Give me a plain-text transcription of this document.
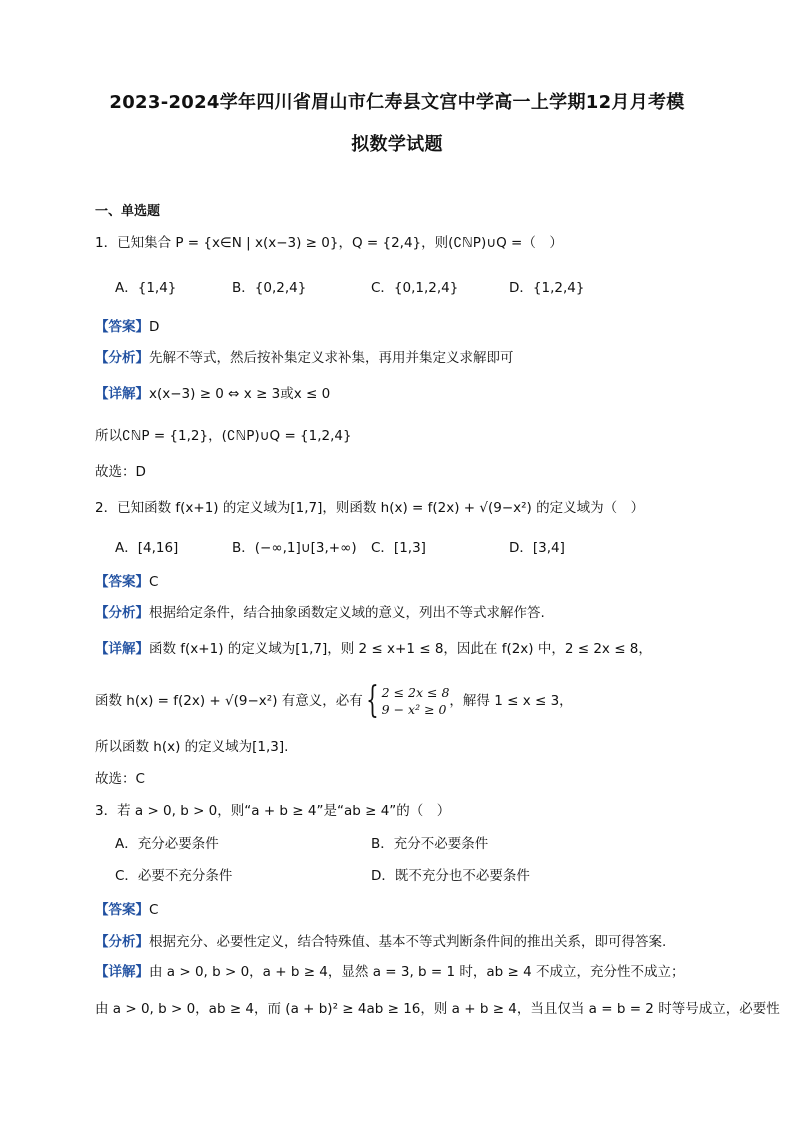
2023-2024学年四川省眉山市仁寿县文宫中学高一上学期12月月考模
拟数学试题
一、单选题
1．已知集合 P = {x∈N | x(x−3) ≥ 0}，Q = {2,4}，则(∁ℕP)∪Q =（　）
A．{1,4}	B．{0,2,4}	C．{0,1,2,4}	D．{1,2,4}
【答案】D
【分析】先解不等式，然后按补集定义求补集，再用并集定义求解即可
【详解】x(x−3) ≥ 0 ⇔ x ≥ 3或x ≤ 0
所以∁ℕP = {1,2}，(∁ℕP)∪Q = {1,2,4}
故选：D
2．已知函数 f(x+1) 的定义域为[1,7]，则函数 h(x) = f(2x) + √(9−x²) 的定义域为（　）
A．[4,16]	B．(−∞,1]∪[3,+∞) C．[1,3]	D．[3,4]
【答案】C
【分析】根据给定条件，结合抽象函数定义域的意义，列出不等式求解作答.
【详解】函数 f(x+1) 的定义域为[1,7]，则 2 ≤ x+1 ≤ 8，因此在 f(2x) 中，2 ≤ 2x ≤ 8，
函数 h(x) = f(2x) + √(9−x²) 有意义，必有{ 2 ≤ 2x ≤ 8
9 − x² ≥ 0
，解得 1 ≤ x ≤ 3，
所以函数 h(x) 的定义域为[1,3].
故选：C
3．若 a > 0, b > 0，则“a + b ≥ 4”是“ab ≥ 4”的（　）
A．充分必要条件	B．充分不必要条件
C．必要不充分条件	D．既不充分也不必要条件
【答案】C
【分析】根据充分、必要性定义，结合特殊值、基本不等式判断条件间的推出关系，即可得答案.
【详解】由 a > 0, b > 0，a + b ≥ 4，显然 a = 3, b = 1 时，ab ≥ 4 不成立，充分性不成立；
由 a > 0, b > 0，ab ≥ 4，而 (a + b)² ≥ 4ab ≥ 16，则 a + b ≥ 4，当且仅当 a = b = 2 时等号成立，必要性
